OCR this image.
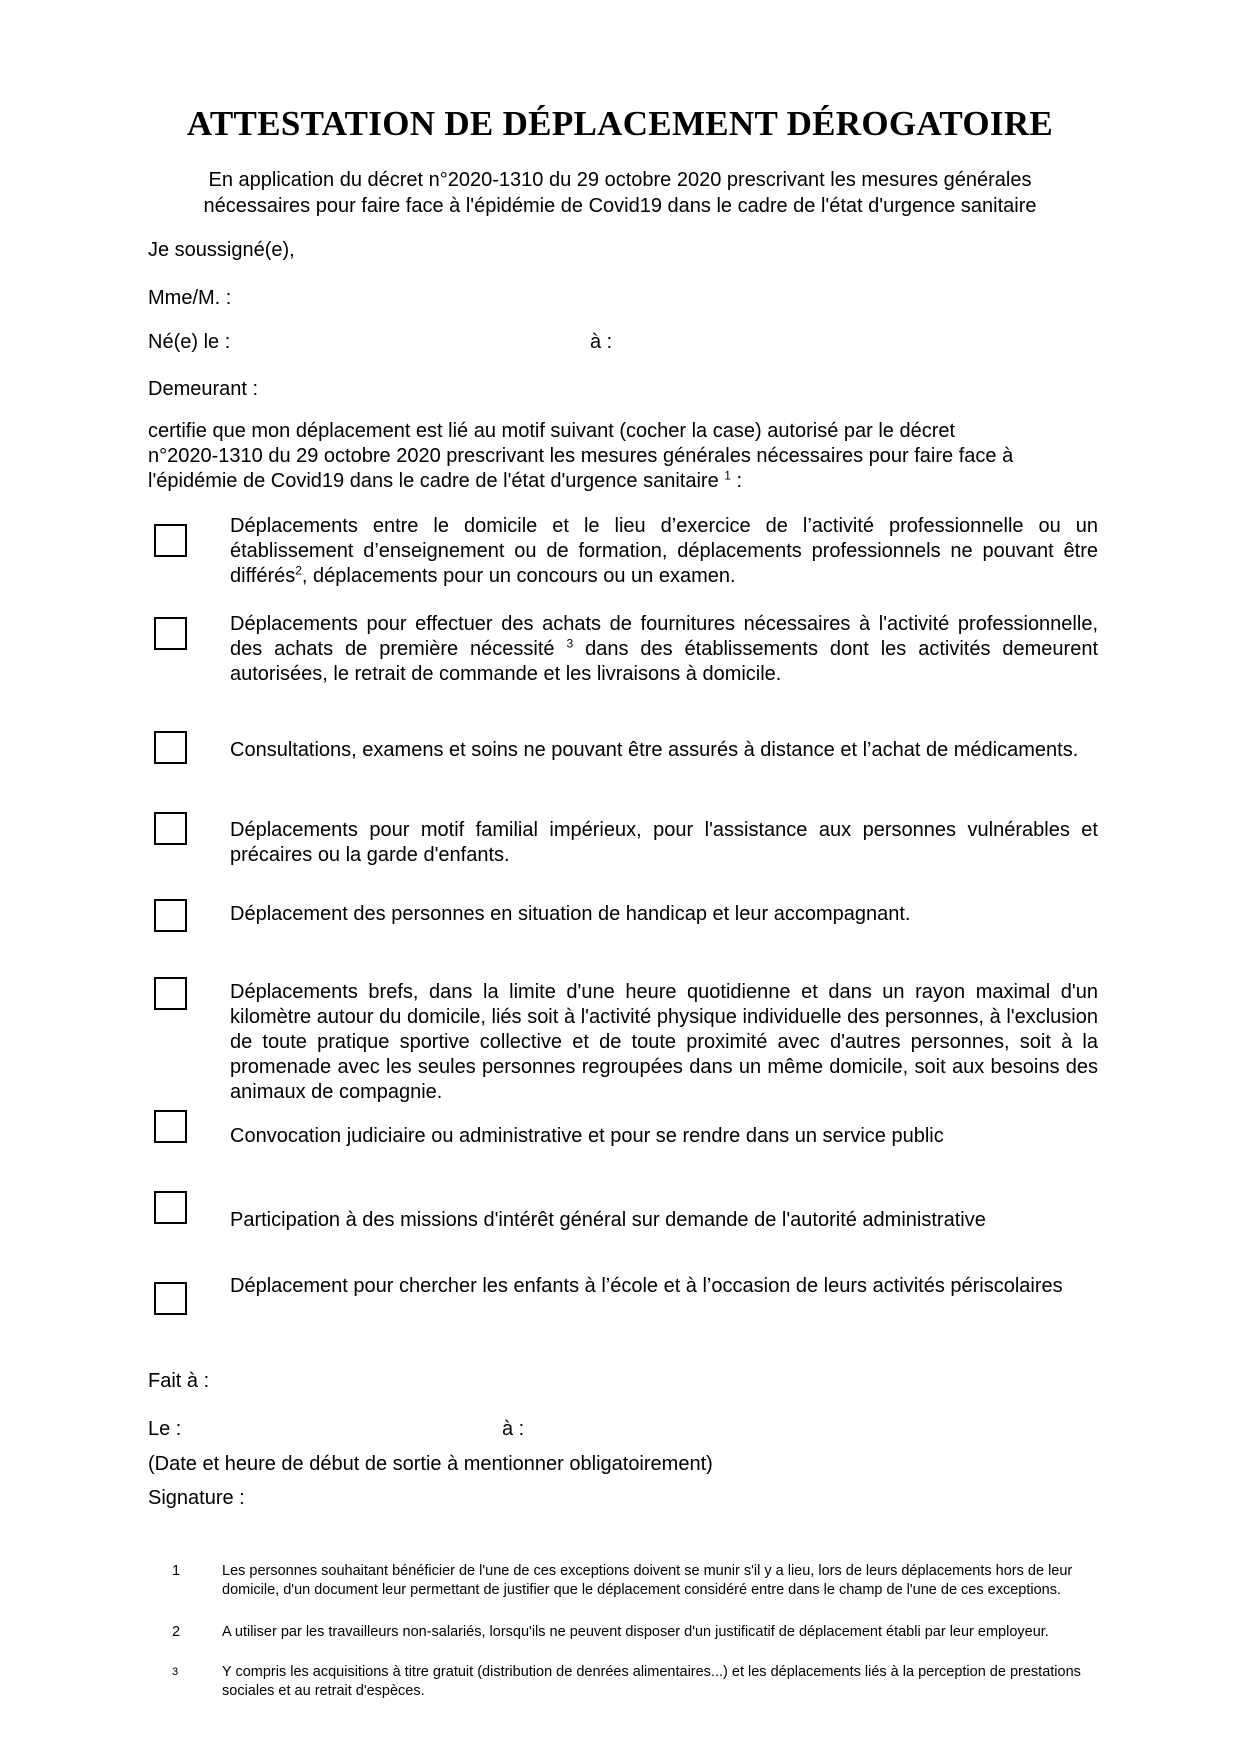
ATTESTATION DE DÉPLACEMENT DÉROGATOIRE
En application du décret n°2020-1310 du 29 octobre 2020 prescrivant les mesures générales
nécessaires pour faire face à l'épidémie de Covid19 dans le cadre de l'état d'urgence sanitaire
Je soussigné(e),
Mme/M. :
Né(e) le :	à :
Demeurant :
certifie que mon déplacement est lié au motif suivant (cocher la case) autorisé par le décret
n°2020-1310 du 29 octobre 2020 prescrivant les mesures générales nécessaires pour faire face à
l'épidémie de Covid19 dans le cadre de l'état d'urgence sanitaire $^1$ :
Déplacements entre le domicile et le lieu d’exercice de l’activité professionnelle ou un établissement d’enseignement ou de formation, déplacements professionnels ne pouvant être différés$^2$, déplacements pour un concours ou un examen.
Déplacements pour effectuer des achats de fournitures nécessaires à l'activité professionnelle, des achats de première nécessité $^3$ dans des établissements dont les activités demeurent autorisées, le retrait de commande et les livraisons à domicile.
Consultations, examens et soins ne pouvant être assurés à distance et l’achat de médicaments.
Déplacements pour motif familial impérieux, pour l'assistance aux personnes vulnérables et précaires ou la garde d'enfants.
Déplacement des personnes en situation de handicap et leur accompagnant.
Déplacements brefs, dans la limite d'une heure quotidienne et dans un rayon maximal d'un kilomètre autour du domicile, liés soit à l'activité physique individuelle des personnes, à l'exclusion de toute pratique sportive collective et de toute proximité avec d'autres personnes, soit à la promenade avec les seules personnes regroupées dans un même domicile, soit aux besoins des animaux de compagnie.
Convocation judiciaire ou administrative et pour se rendre dans un service public
Participation à des missions d'intérêt général sur demande de l'autorité administrative
Déplacement pour chercher les enfants à l’école et à l’occasion de leurs activités périscolaires
Fait à :
Le :	à :
(Date et heure de début de sortie à mentionner obligatoirement)
Signature :
1	Les personnes souhaitant bénéficier de l'une de ces exceptions doivent se munir s'il y a lieu, lors de leurs déplacements hors de leur domicile, d'un document leur permettant de justifier que le déplacement considéré entre dans le champ de l'une de ces exceptions.
2	A utiliser par les travailleurs non-salariés, lorsqu'ils ne peuvent disposer d'un justificatif de déplacement établi par leur employeur.
3	Y compris les acquisitions à titre gratuit (distribution de denrées alimentaires...) et les déplacements liés à la perception de prestations sociales et au retrait d'espèces.
